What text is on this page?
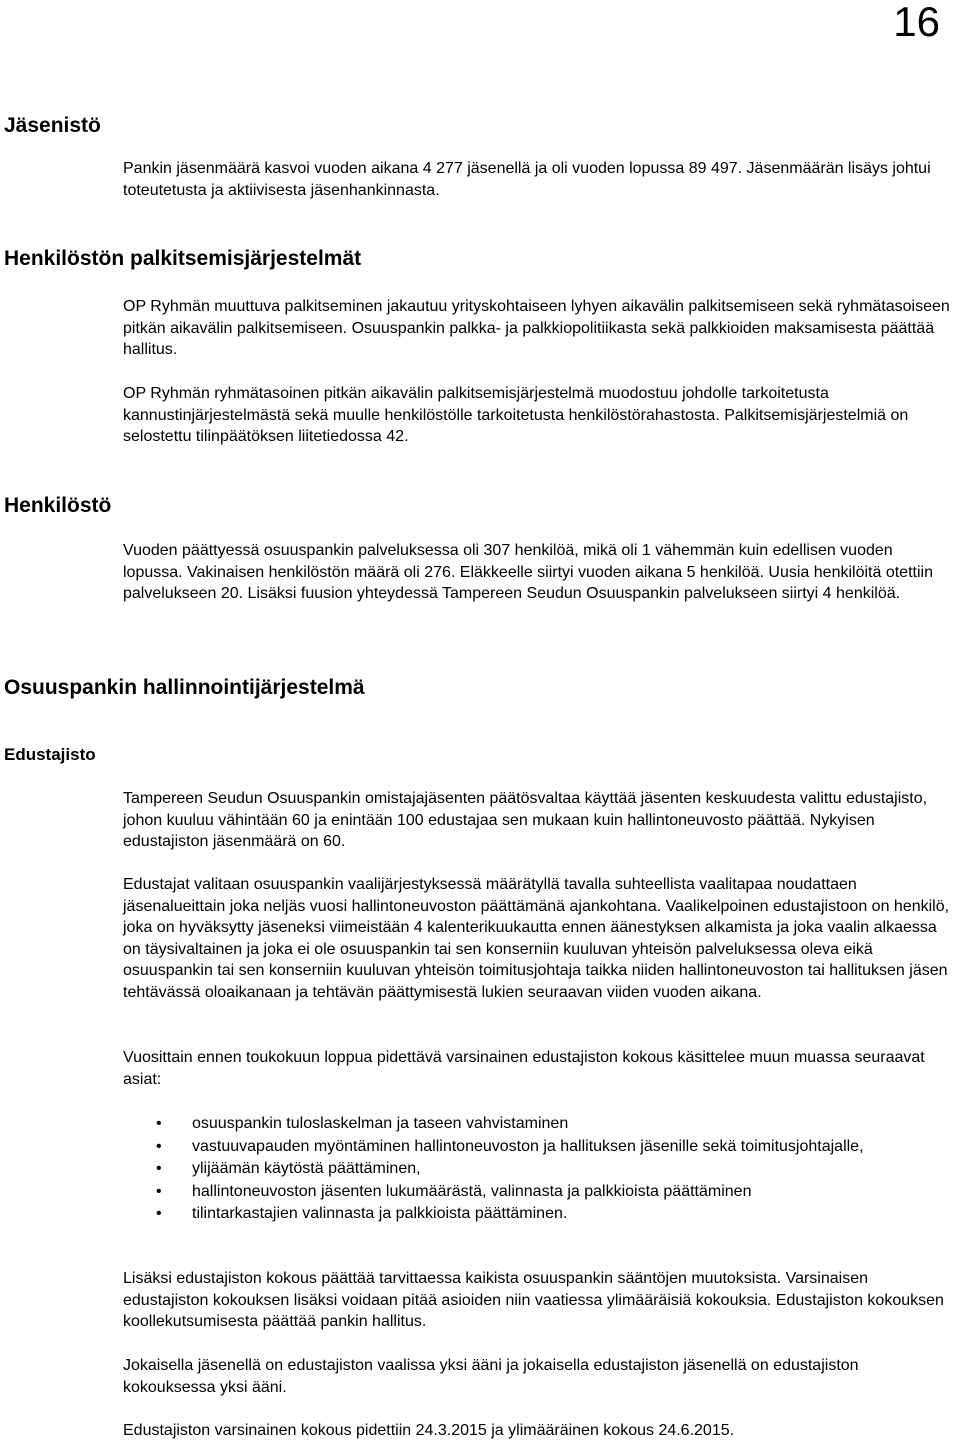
16
Jäsenistö

Pankin jäsenmäärä kasvoi vuoden aikana 4 277 jäsenellä ja oli vuoden lopussa 89 497. Jäsenmäärän lisäys johtui toteutetusta ja aktiivisesta jäsenhankinnasta.

Henkilöstön palkitsemisjärjestelmät

OP Ryhmän muuttuva palkitseminen jakautuu yrityskohtaiseen lyhyen aikavälin palkitsemiseen sekä ryhmätasoiseen pitkän aikavälin palkitsemiseen. Osuuspankin palkka- ja palkkiopolitiikasta sekä palkkioiden maksamisesta päättää hallitus.

OP Ryhmän ryhmätasoinen pitkän aikavälin palkitsemisjärjestelmä muodostuu johdolle tarkoitetusta kannustinjärjestelmästä sekä muulle henkilöstölle tarkoitetusta henkilöstörahastosta. Palkitsemisjärjestelmiä on selostettu tilinpäätöksen liitetiedossa 42.

Henkilöstö

Vuoden päättyessä osuuspankin palveluksessa oli 307 henkilöä, mikä oli 1 vähemmän kuin edellisen vuoden lopussa. Vakinaisen henkilöstön määrä oli 276. Eläkkeelle siirtyi vuoden aikana 5 henkilöä. Uusia henkilöitä otettiin palvelukseen 20. Lisäksi fuusion yhteydessä Tampereen Seudun Osuuspankin palvelukseen siirtyi 4 henkilöä.

Osuuspankin hallinnointijärjestelmä
Edustajisto

Tampereen Seudun Osuuspankin omistajajäsenten päätösvaltaa käyttää jäsenten keskuudesta valittu edustajisto, johon kuuluu vähintään 60 ja enintään 100 edustajaa sen mukaan kuin hallintoneuvosto päättää. Nykyisen edustajiston jäsenmäärä on 60.

Edustajat valitaan osuuspankin vaalijärjestyksessä määrätyllä tavalla suhteellista vaalitapaa noudattaen jäsenalueittain joka neljäs vuosi hallintoneuvoston päättämänä ajankohtana. Vaalikelpoinen edustajistoon on henkilö, joka on hyväksytty jäseneksi viimeistään 4 kalenterikuukautta ennen äänestyksen alkamista ja joka vaalin alkaessa on täysivaltainen ja joka ei ole osuuspankin tai sen konserniin kuuluvan yhteisön palveluksessa oleva eikä osuuspankin tai sen konserniin kuuluvan yhteisön toimitusjohtaja taikka niiden hallintoneuvoston tai hallituksen jäsen tehtävässä oloaikanaan ja tehtävän päättymisestä lukien seuraavan viiden vuoden aikana.

Vuosittain ennen toukokuun loppua pidettävä varsinainen edustajiston kokous käsittelee muun muassa seuraavat asiat:

• osuuspankin tuloslaskelman ja taseen vahvistaminen
• vastuuvapauden myöntäminen hallintoneuvoston ja hallituksen jäsenille sekä toimitusjohtajalle,
• ylijäämän käytöstä päättäminen,
• hallintoneuvoston jäsenten lukumäärästä, valinnasta ja palkkioista päättäminen
• tilintarkastajien valinnasta ja palkkioista päättäminen.

Lisäksi edustajiston kokous päättää tarvittaessa kaikista osuuspankin sääntöjen muutoksista. Varsinaisen edustajiston kokouksen lisäksi voidaan pitää asioiden niin vaatiessa ylimääräisiä kokouksia. Edustajiston kokouksen koollekutsumisesta päättää pankin hallitus.

Jokaisella jäsenellä on edustajiston vaalissa yksi ääni ja jokaisella edustajiston jäsenellä on edustajiston kokouksessa yksi ääni.

Edustajiston varsinainen kokous pidettiin 24.3.2015 ja ylimääräinen kokous 24.6.2015.
